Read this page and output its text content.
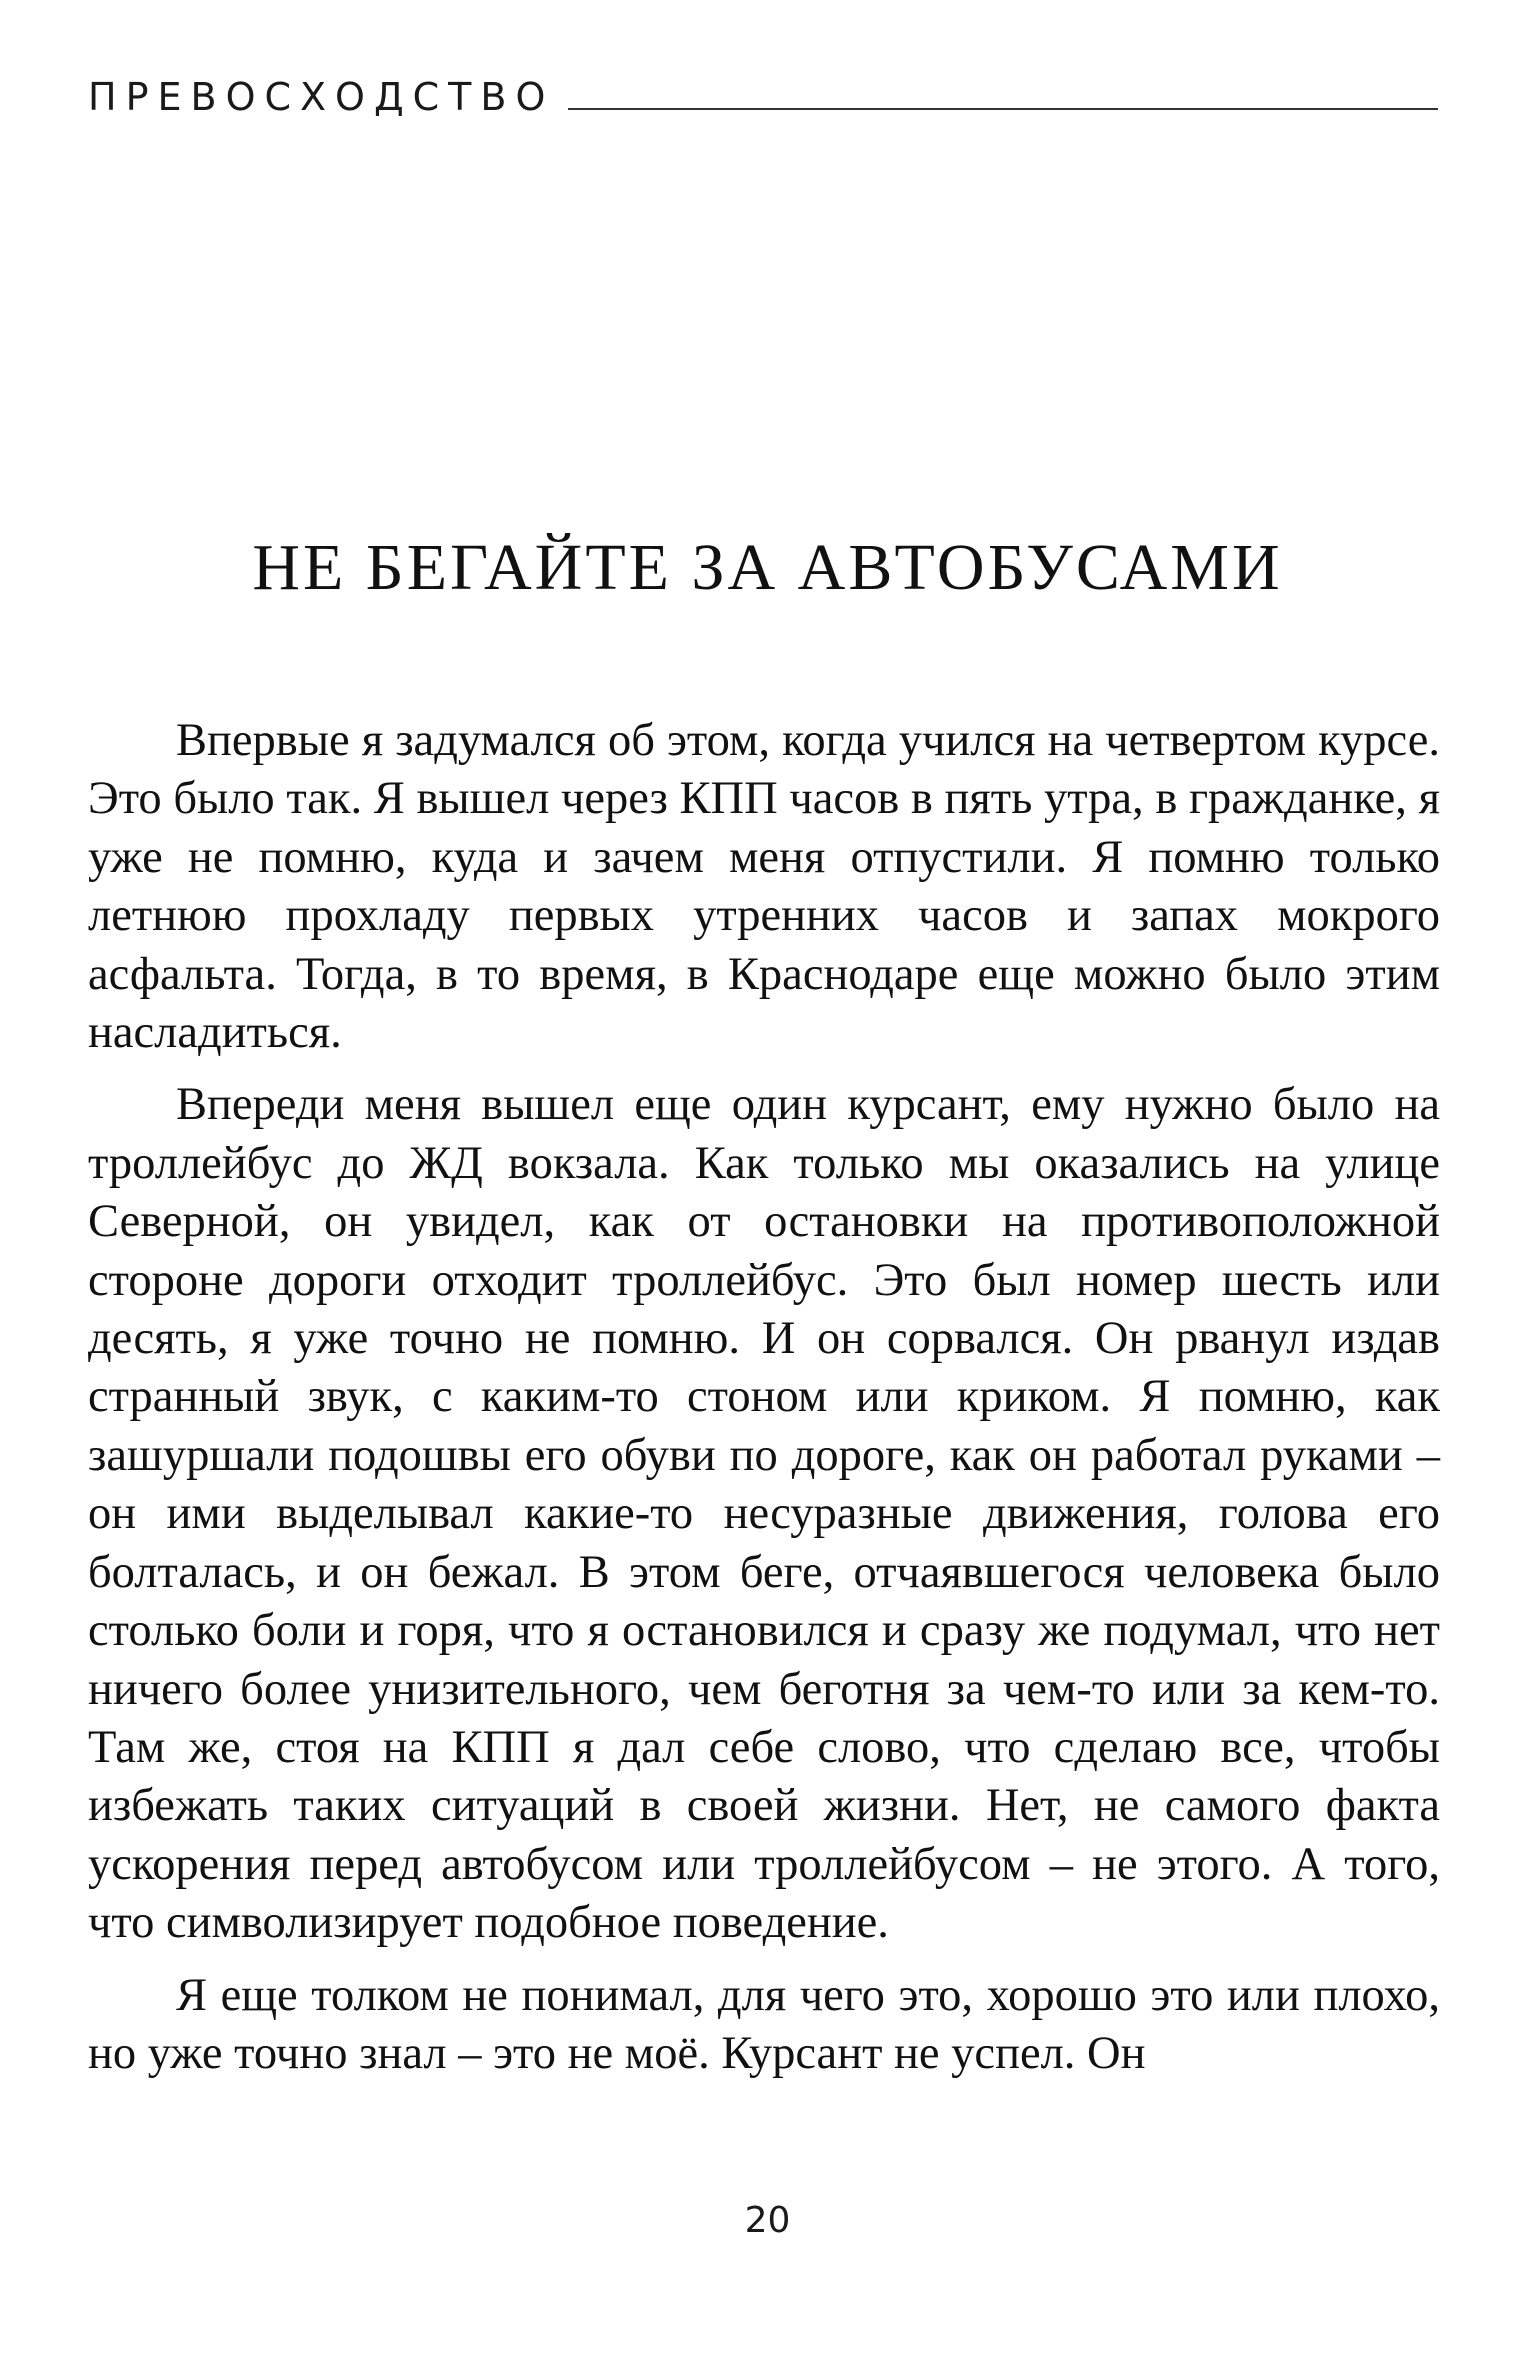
ПРЕВОСХОДСТВО
НЕ БЕГАЙТЕ ЗА АВТОБУСАМИ

Впервые я задумался об этом, когда учился на четвертом курсе. Это было так. Я вышел через КПП часов в пять утра, в гражданке, я уже не помню, куда и зачем меня отпустили. Я помню только летнюю прохладу первых утренних часов и запах мокрого асфальта. Тогда, в то время, в Краснодаре еще можно было этим насладиться.

Впереди меня вышел еще один курсант, ему нужно было на троллейбус до ЖД вокзала. Как только мы оказались на улице Северной, он увидел, как от остановки на противоположной стороне дороги отходит троллейбус. Это был номер шесть или десять, я уже точно не помню. И он сорвался. Он рванул издав странный звук, с каким-то стоном или криком. Я помню, как зашуршали подошвы его обуви по дороге, как он работал руками – он ими выделывал какие-то несуразные движения, голова его болталась, и он бежал. В этом беге, отчаявшегося человека было столько боли и горя, что я остановился и сразу же подумал, что нет ничего более унизительного, чем беготня за чем-то или за кем-то. Там же, стоя на КПП я дал себе слово, что сделаю все, чтобы избежать таких ситуаций в своей жизни. Нет, не самого факта ускорения перед автобусом или троллейбусом – не этого. А того, что символизирует подобное поведение.

Я еще толком не понимал, для чего это, хорошо это или плохо, но уже точно знал – это не моё. Курсант не успел. Он

20
